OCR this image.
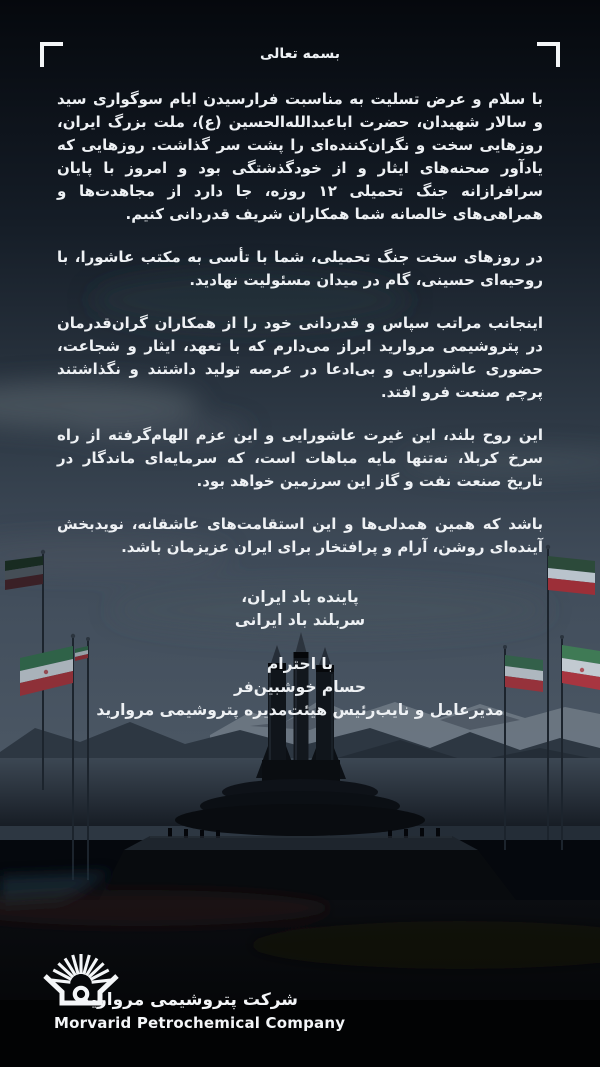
بسمه تعالی

با سلام و عرض تسلیت به مناسبت فرارسیدن ایام سوگواری سید و سالار شهیدان، حضرت اباعبدالله‌الحسین (ع)، ملت بزرگ ایران، روزهایی سخت و نگران‌کننده‌ای را پشت سر گذاشت. روزهایی که یادآور صحنه‌های ایثار و از خودگذشتگی بود و امروز با پایان سرافرازانه جنگ تحمیلی ۱۲ روزه، جا دارد از مجاهدت‌ها و همراهی‌های خالصانه شما همکاران شریف قدردانی کنیم.

در روزهای سخت جنگ تحمیلی، شما با تأسی به مکتب عاشورا، با روحیه‌ای حسینی، گام در میدان مسئولیت نهادید.

اینجانب مراتب سپاس و قدردانی خود را از همکاران گران‌قدرمان در پتروشیمی مروارید ابراز می‌دارم که با تعهد، ایثار و شجاعت، حضوری عاشورایی و بی‌ادعا در عرصه تولید داشتند و نگذاشتند پرچم صنعت فرو افتد.

این روح بلند، این غیرت عاشورایی و این عزم الهام‌گرفته از راه سرخ کربلا، نه‌تنها مایه مباهات است، که سرمایه‌ای ماندگار در تاریخ صنعت نفت و گاز این سرزمین خواهد بود.

باشد که همین همدلی‌ها و این استقامت‌های عاشقانه، نویدبخش آینده‌ای روشن، آرام و پرافتخار برای ایران عزیزمان باشد.

پاینده باد ایران،
سربلند باد ایرانی
با احترام
حسام خوشبین‌فر
مدیرعامل و نایب‌رئیس هیئت‌مدیره پتروشیمی مروارید
شرکت پتروشیمی مروارید
Morvarid Petrochemical Company
